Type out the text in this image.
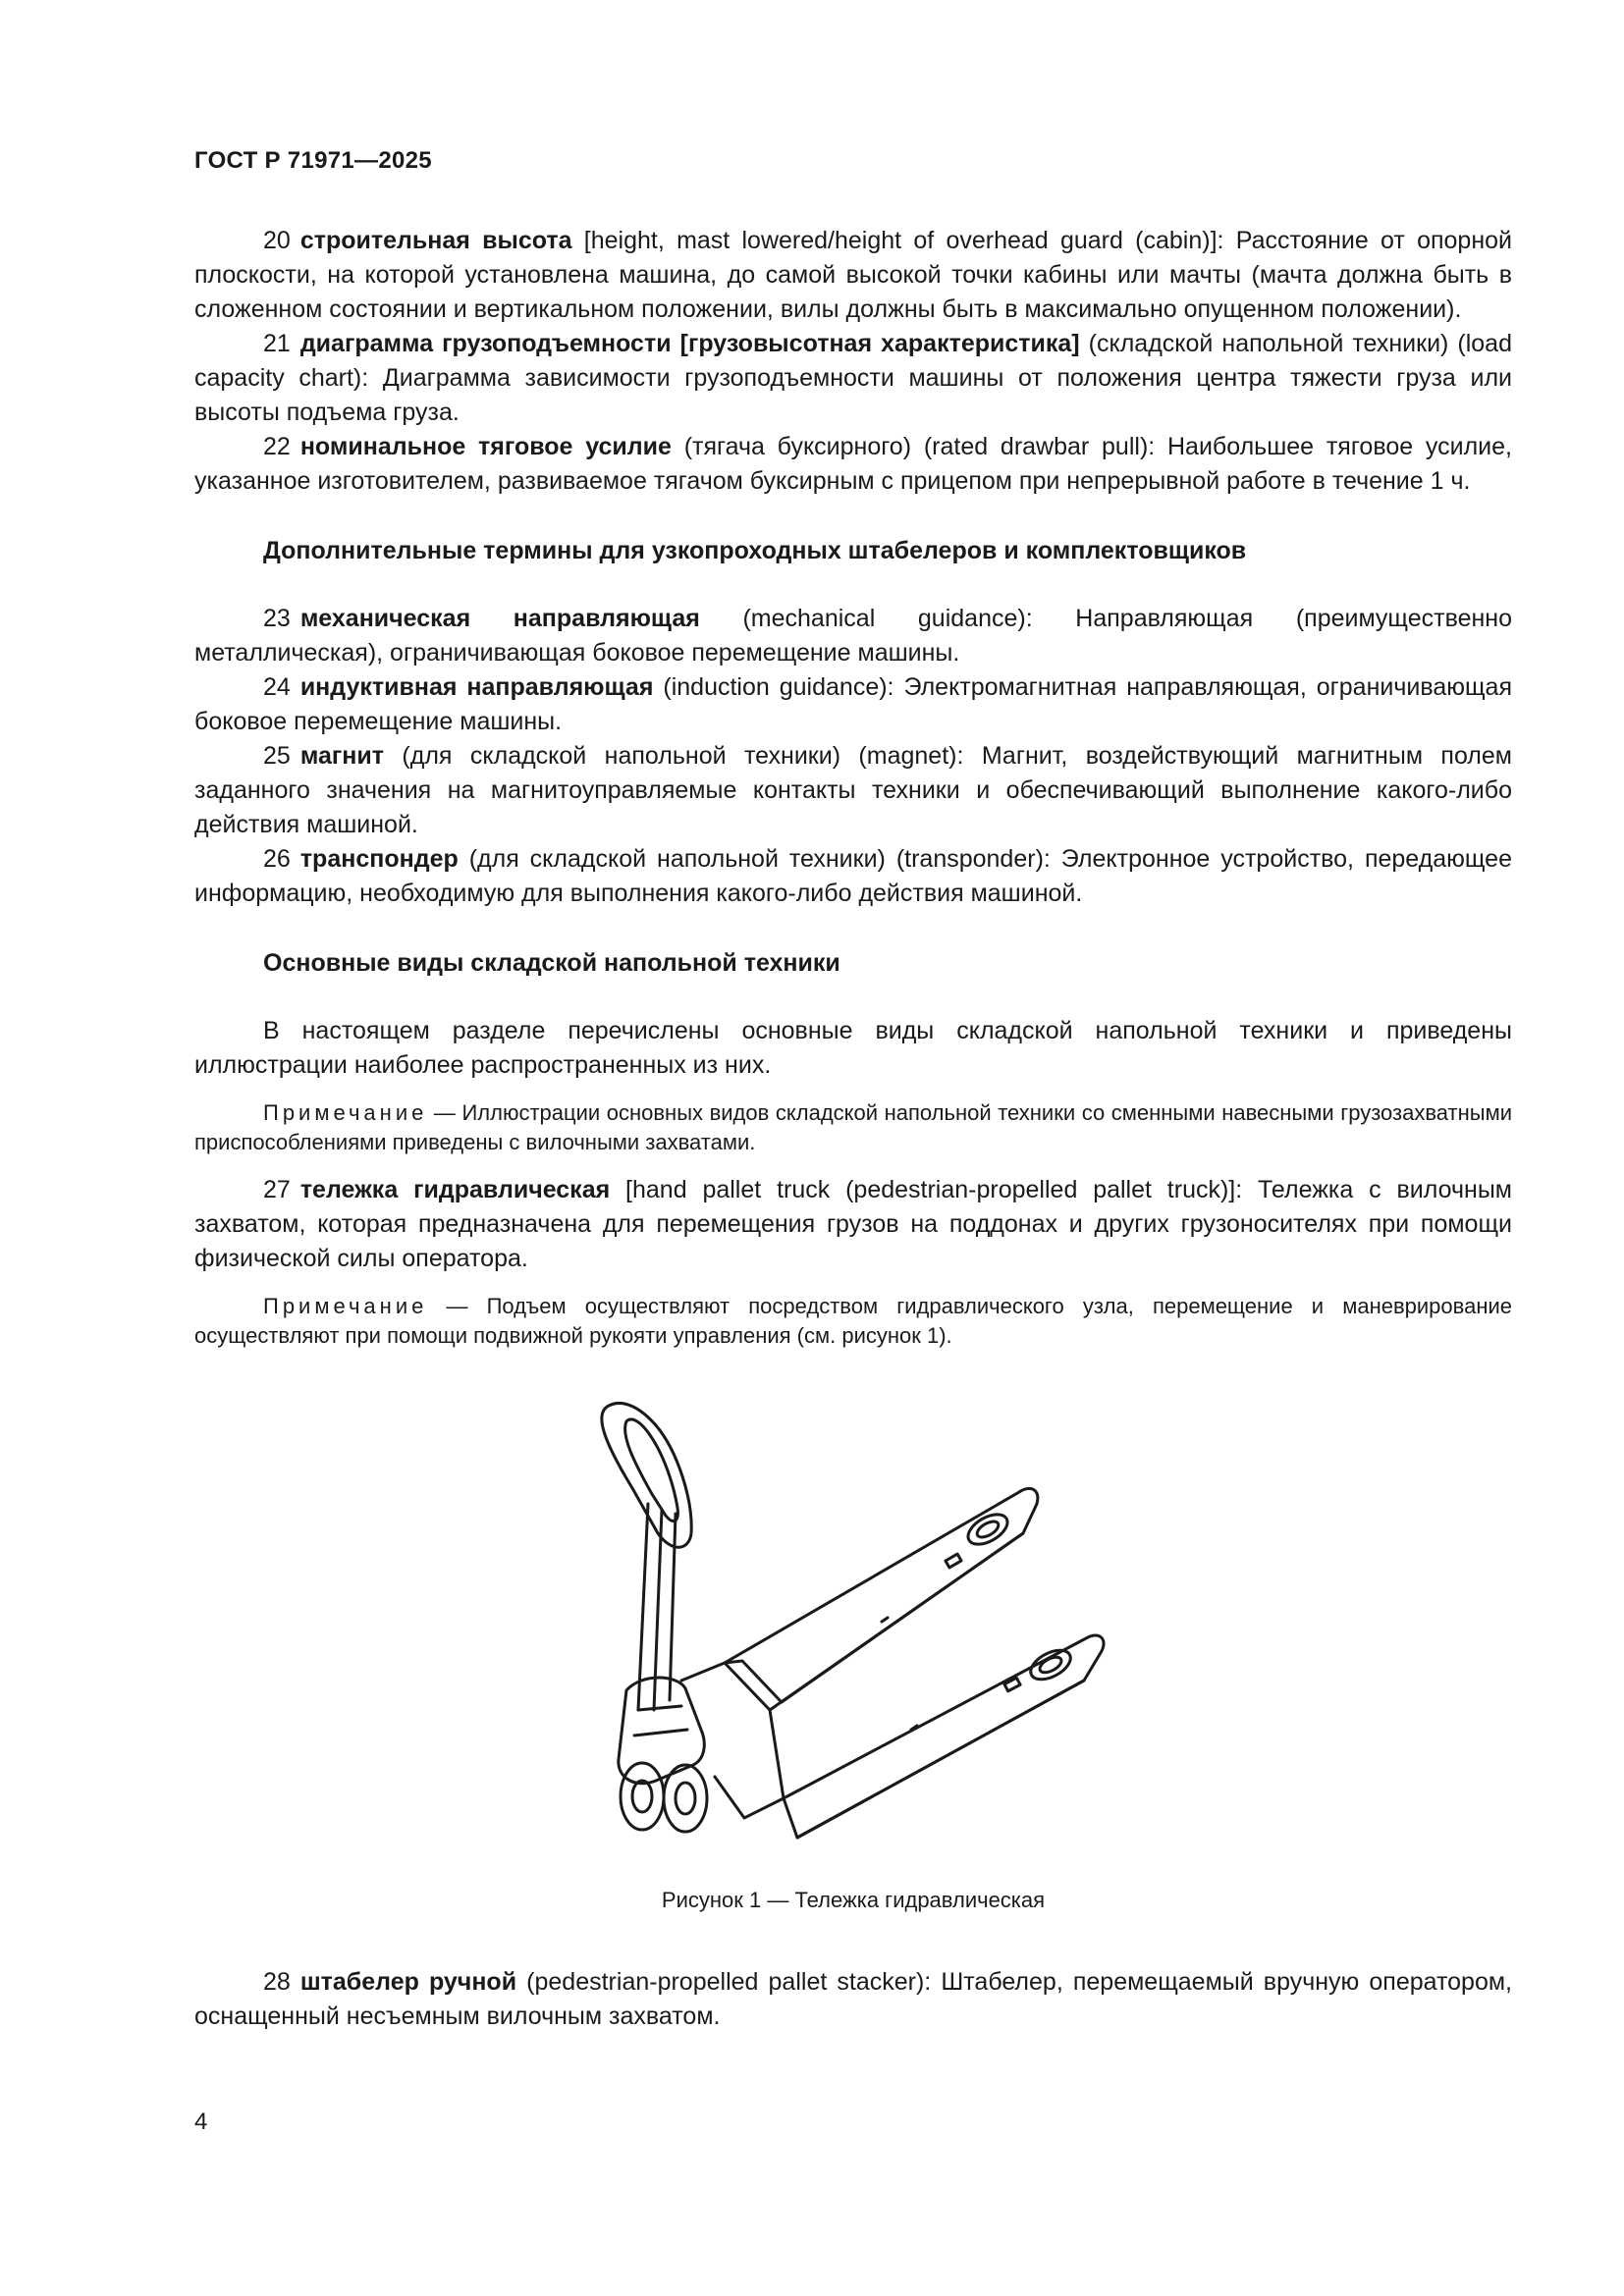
ГОСТ Р 71971—2025

20 строительная высота [height, mast lowered/height of overhead guard (cabin)]: Расстояние от опорной плоскости, на которой установлена машина, до самой высокой точки кабины или мачты (мачта должна быть в сложенном состоянии и вертикальном положении, вилы должны быть в максимально опущенном положении).

21 диаграмма грузоподъемности [грузовысотная характеристика] (складской напольной техники) (load capacity chart): Диаграмма зависимости грузоподъемности машины от положения центра тяжести груза или высоты подъема груза.

22 номинальное тяговое усилие (тягача буксирного) (rated drawbar pull): Наибольшее тяговое усилие, указанное изготовителем, развиваемое тягачом буксирным с прицепом при непрерывной работе в течение 1 ч.

Дополнительные термины для узкопроходных штабелеров и комплектовщиков

23 механическая направляющая (mechanical guidance): Направляющая (преимущественно металлическая), ограничивающая боковое перемещение машины.

24 индуктивная направляющая (induction guidance): Электромагнитная направляющая, ограничивающая боковое перемещение машины.

25 магнит (для складской напольной техники) (magnet): Магнит, воздействующий магнитным полем заданного значения на магнитоуправляемые контакты техники и обеспечивающий выполнение какого-либо действия машиной.

26 транспондер (для складской напольной техники) (transponder): Электронное устройство, передающее информацию, необходимую для выполнения какого-либо действия машиной.

Основные виды складской напольной техники

В настоящем разделе перечислены основные виды складской напольной техники и приведены иллюстрации наиболее распространенных из них.

Примечание — Иллюстрации основных видов складской напольной техники со сменными навесными грузозахватными приспособлениями приведены с вилочными захватами.

27 тележка гидравлическая [hand pallet truck (pedestrian-propelled pallet truck)]: Тележка с вилочным захватом, которая предназначена для перемещения грузов на поддонах и других грузоносителях при помощи физической силы оператора.

Примечание — Подъем осуществляют посредством гидравлического узла, перемещение и маневрирование осуществляют при помощи подвижной рукояти управления (см. рисунок 1).

Рисунок 1 — Тележка гидравлическая

28 штабелер ручной (pedestrian-propelled pallet stacker): Штабелер, перемещаемый вручную оператором, оснащенный несъемным вилочным захватом.

4
